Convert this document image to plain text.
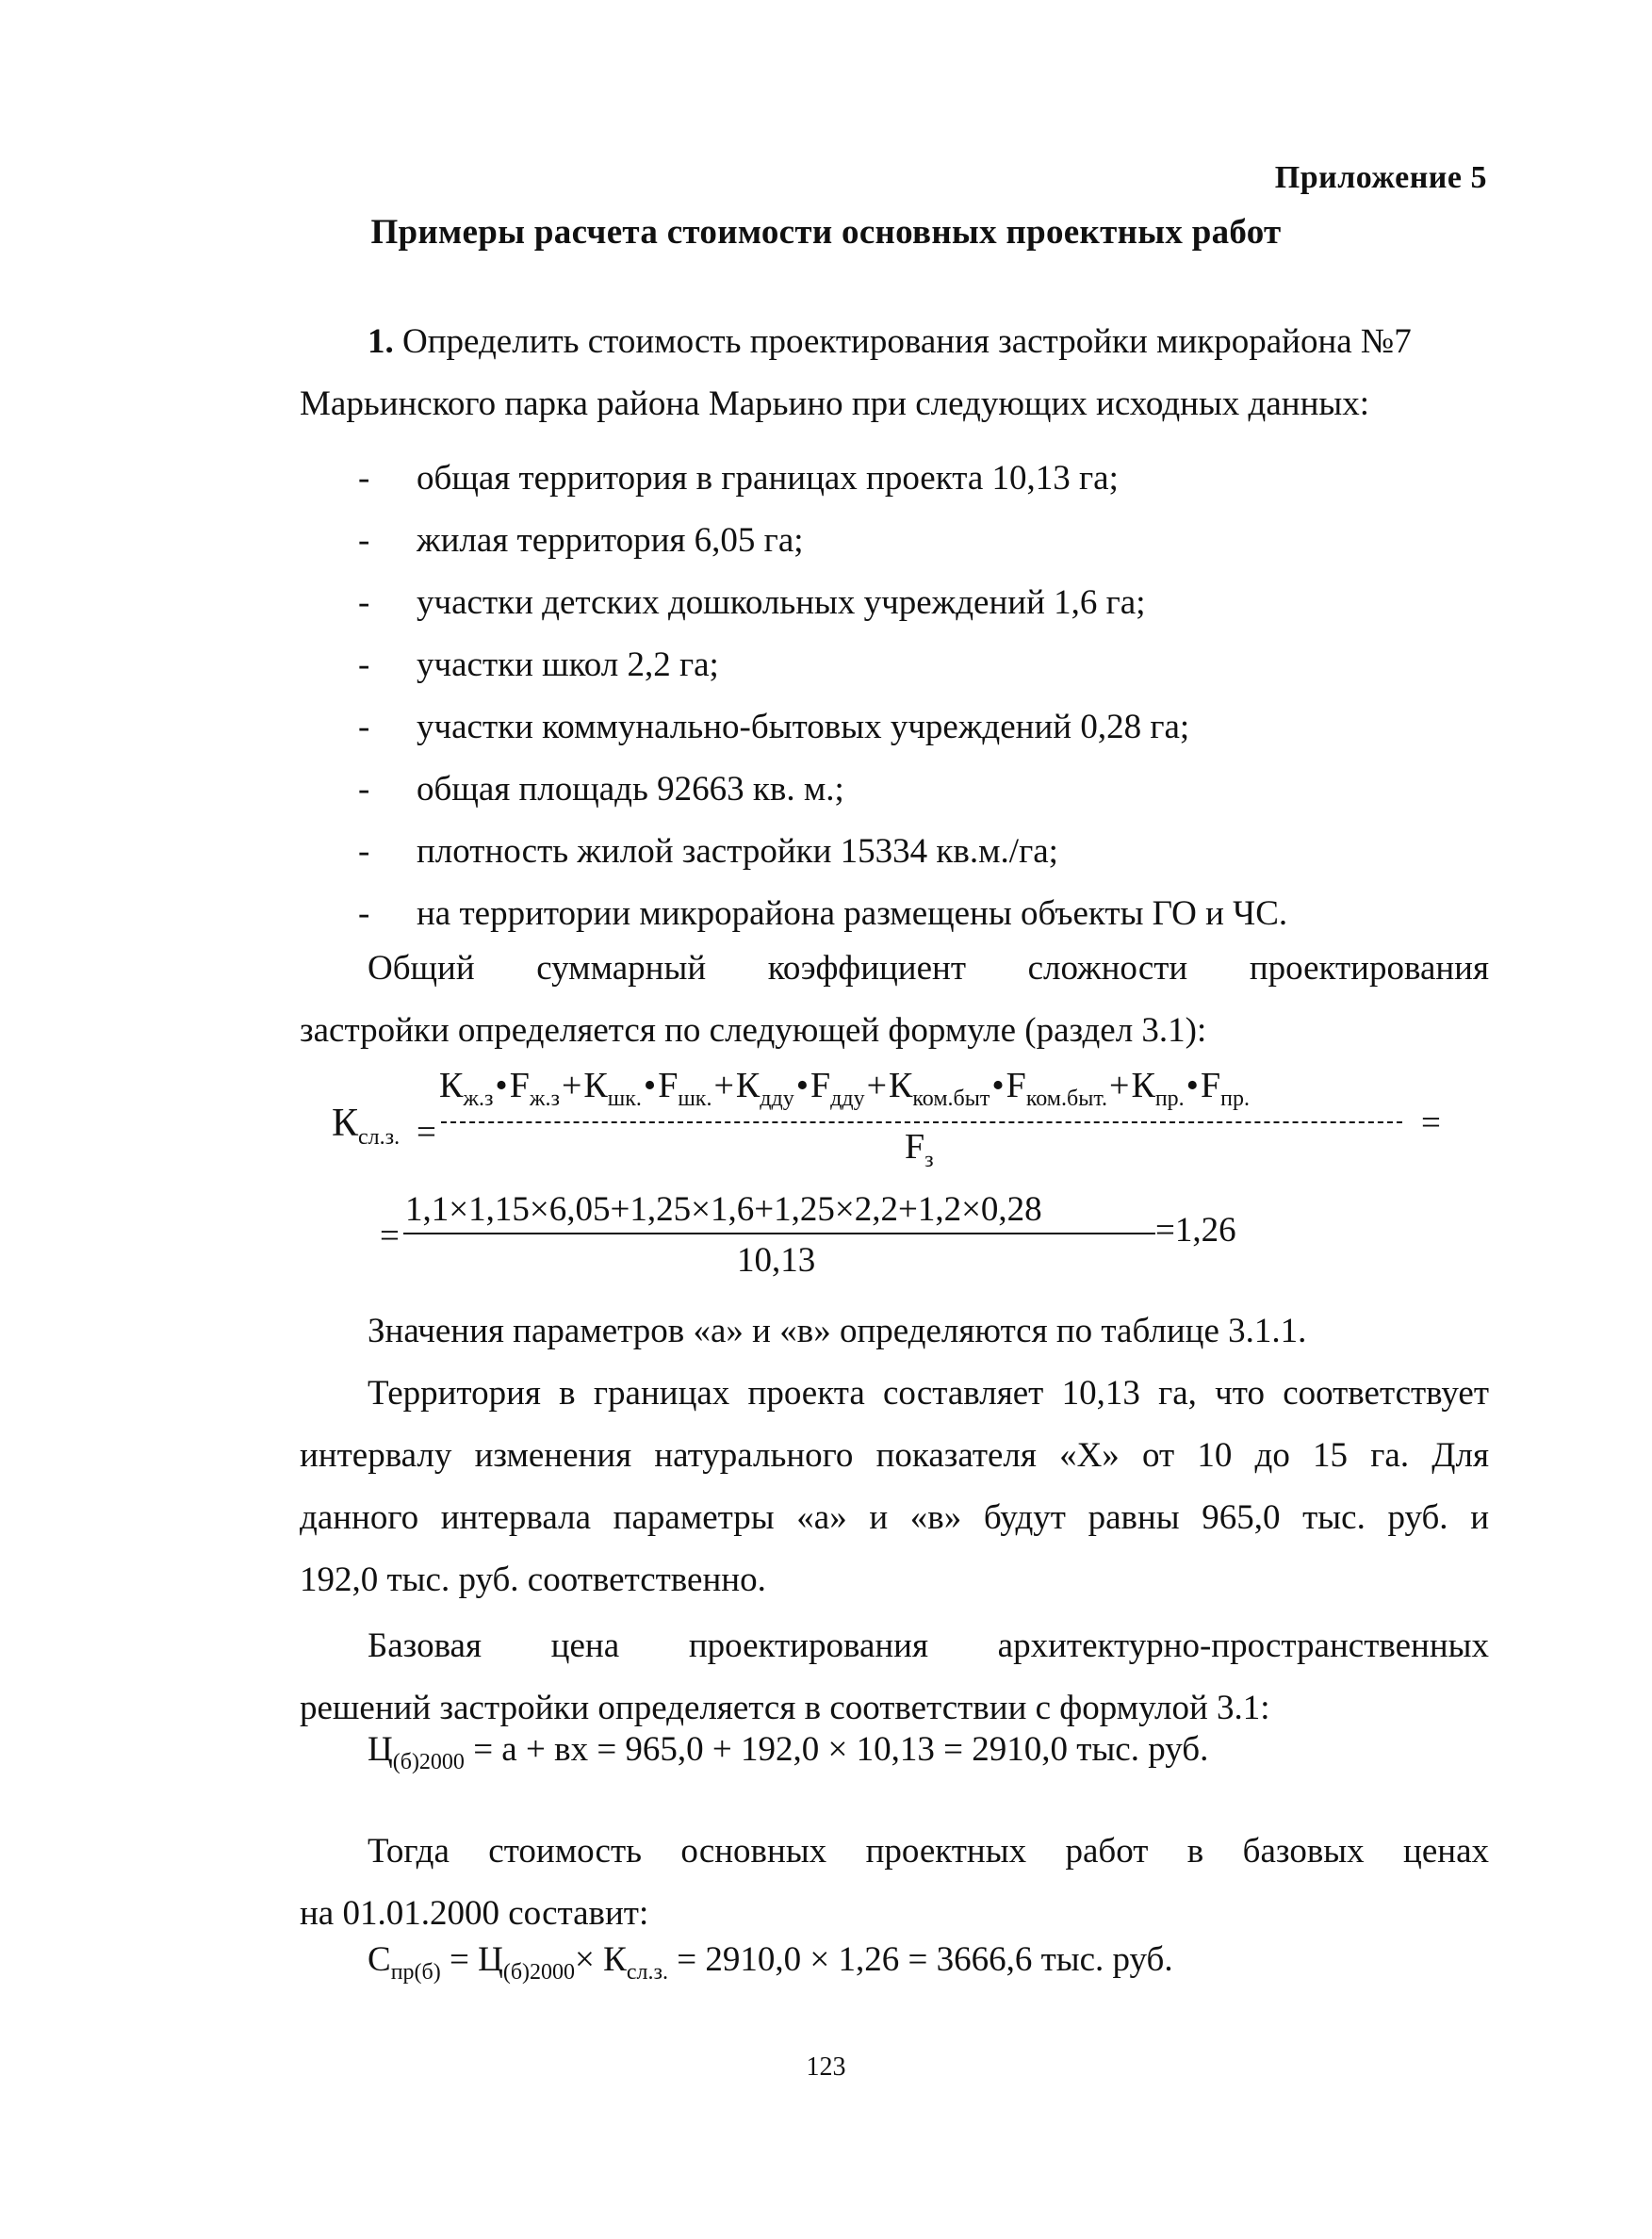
Приложение 5
Примеры расчета стоимости основных проектных работ
1. Определить стоимость проектирования застройки микрорайона №7
Марьинского парка района Марьино при следующих исходных данных:
- общая территория в границах проекта 10,13 га;
- жилая территория 6,05 га;
- участки детских дошкольных учреждений 1,6 га;
- участки школ 2,2 га;
- участки коммунально-бытовых учреждений 0,28 га;
- общая площадь 92663 кв. м.;
- плотность жилой застройки 15334 кв.м./га;
- на территории микрорайона размещены объекты ГО и ЧС.
Общий суммарный коэффициент сложности проектирования
застройки определяется по следующей формуле (раздел 3.1):
$К_{сл.з.}$ =
$К_{ж.з}•F_{ж.з}+К_{шк.}•F_{шк.}+К_{дду}•F_{дду}+К_{ком.быт}•F_{ком.быт.}+К_{пр.}•F_{пр.}$
=
$F_з$
=
1,1×1,15×6,05+1,25×1,6+1,25×2,2+1,2×0,28
10,13
=1,26
Значения параметров «а» и «в» определяются по таблице 3.1.1.
Территория в границах проекта составляет 10,13 га, что соответствует
интервалу изменения натурального показателя «Х» от 10 до 15 га. Для
данного интервала параметры «а» и «в» будут равны 965,0 тыс. руб. и
192,0 тыс. руб. соответственно.
Базовая цена проектирования архитектурно-пространственных
решений застройки определяется в соответствии с формулой 3.1:
$Ц_{(б)2000} = а$ + вх = 965,0 + 192,0 × 10,13 = 2910,0 тыс. руб.
Тогда стоимость основных проектных работ в базовых ценах
на 01.01.2000 составит:
$С_{пр(б)} = Ц_{(б)2000}\times К_{сл.з.} = 2910,0 \times 1,26 = 3666,6$ тыс. руб.
123
